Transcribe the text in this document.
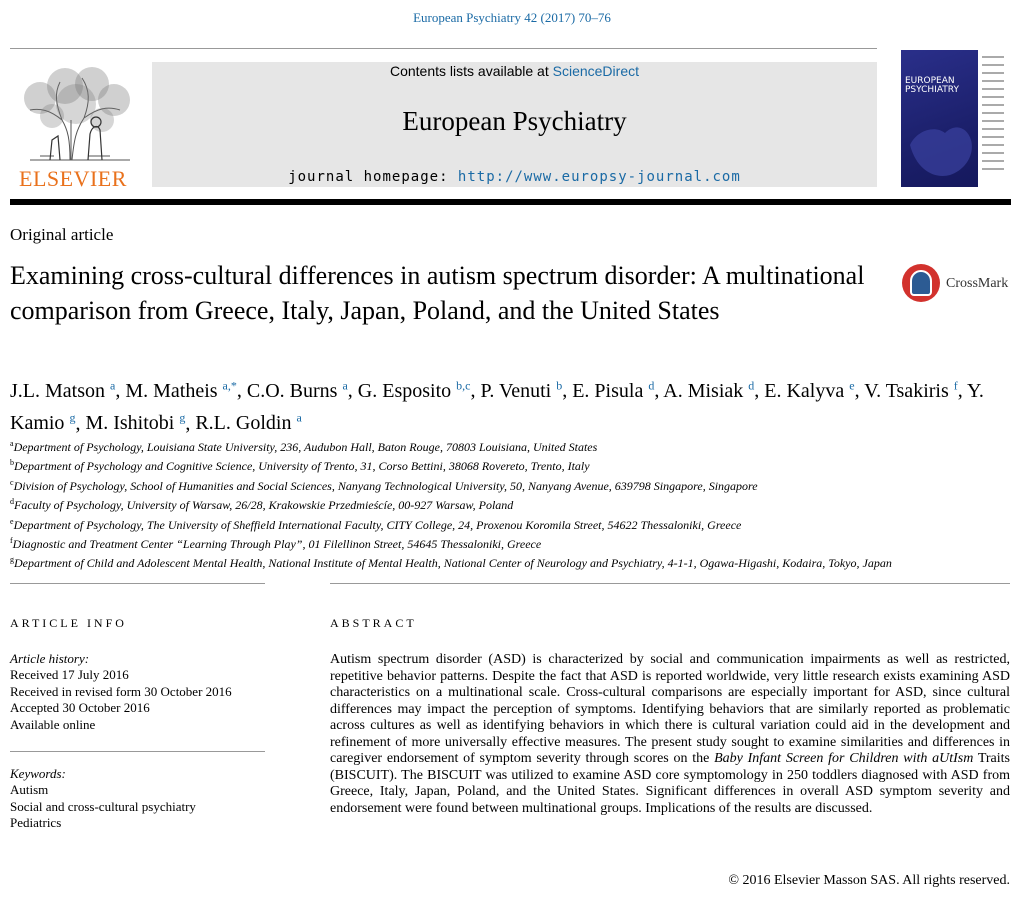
European Psychiatry 42 (2017) 70–76
ELSEVIER
Contents lists available at ScienceDirect
European Psychiatry
journal homepage: http://www.europsy-journal.com
EUROPEAN
PSYCHIATRY
Original article
Examining cross-cultural differences in autism spectrum disorder: A multinational comparison from Greece, Italy, Japan, Poland, and the United States
CrossMark
J.L. Matson $^a$, M. Matheis $^{a,*}$, C.O. Burns $^a$, G. Esposito $^{b,c}$, P. Venuti $^b$, E. Pisula $^d$, A. Misiak $^d$, E. Kalyva $^e$, V. Tsakiris $^f$, Y. Kamio $^g$, M. Ishitobi $^g$, R.L. Goldin $^a$
$^a$Department of Psychology, Louisiana State University, 236, Audubon Hall, Baton Rouge, 70803 Louisiana, United States
$^b$Department of Psychology and Cognitive Science, University of Trento, 31, Corso Bettini, 38068 Rovereto, Trento, Italy
$^c$Division of Psychology, School of Humanities and Social Sciences, Nanyang Technological University, 50, Nanyang Avenue, 639798 Singapore, Singapore
$^d$Faculty of Psychology, University of Warsaw, 26/28, Krakowskie Przedmieścíe, 00-927 Warsaw, Poland
$^e$Department of Psychology, The University of Sheffield International Faculty, CITY College, 24, Proxenou Koromila Street, 54622 Thessaloniki, Greece
$^f$Diagnostic and Treatment Center “Learning Through Play”, 01 Filellinon Street, 54645 Thessaloniki, Greece
$^g$Department of Child and Adolescent Mental Health, National Institute of Mental Health, National Center of Neurology and Psychiatry, 4-1-1, Ogawa-Higashi, Kodaira, Tokyo, Japan
ARTICLE INFO	ABSTRACT
Article history:
Received 17 July 2016
Received in revised form 30 October 2016
Accepted 30 October 2016
Available online
Keywords:
Autism
Social and cross-cultural psychiatry
Pediatrics
Autism spectrum disorder (ASD) is characterized by social and communication impairments as well as restricted, repetitive behavior patterns. Despite the fact that ASD is reported worldwide, very little research exists examining ASD characteristics on a multinational scale. Cross-cultural comparisons are especially important for ASD, since cultural differences may impact the perception of symptoms. Identifying behaviors that are similarly reported as problematic across cultures as well as identifying behaviors in which there is cultural variation could aid in the development and refinement of more universally effective measures. The present study sought to examine similarities and differences in caregiver endorsement of symptom severity through scores on the Baby Infant Screen for Children with aUtIsm Traits (BISCUIT). The BISCUIT was utilized to examine ASD core symptomology in 250 toddlers diagnosed with ASD from Greece, Italy, Japan, Poland, and the United States. Significant differences in overall ASD symptom severity and endorsement were found between multinational groups. Implications of the results are discussed.
© 2016 Elsevier Masson SAS. All rights reserved.
